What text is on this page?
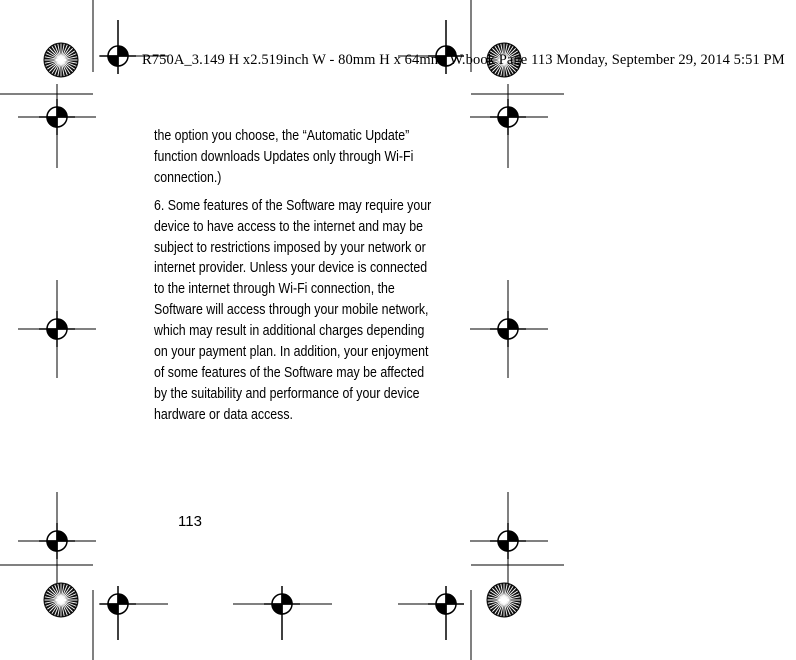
R750A_3.149 H x2.519inch W - 80mm H x 64mm_W.book Page 113 Monday, September 29, 2014 5:51 PM

the option you choose, the “Automatic Update” function downloads Updates only through Wi-Fi connection.)

6. Some features of the Software may require your device to have access to the internet and may be subject to restrictions imposed by your network or internet provider. Unless your device is connected to the internet through Wi-Fi connection, the Software will access through your mobile network, which may result in additional charges depending on your payment plan. In addition, your enjoyment of some features of the Software may be affected by the suitability and performance of your device hardware or data access.

113
